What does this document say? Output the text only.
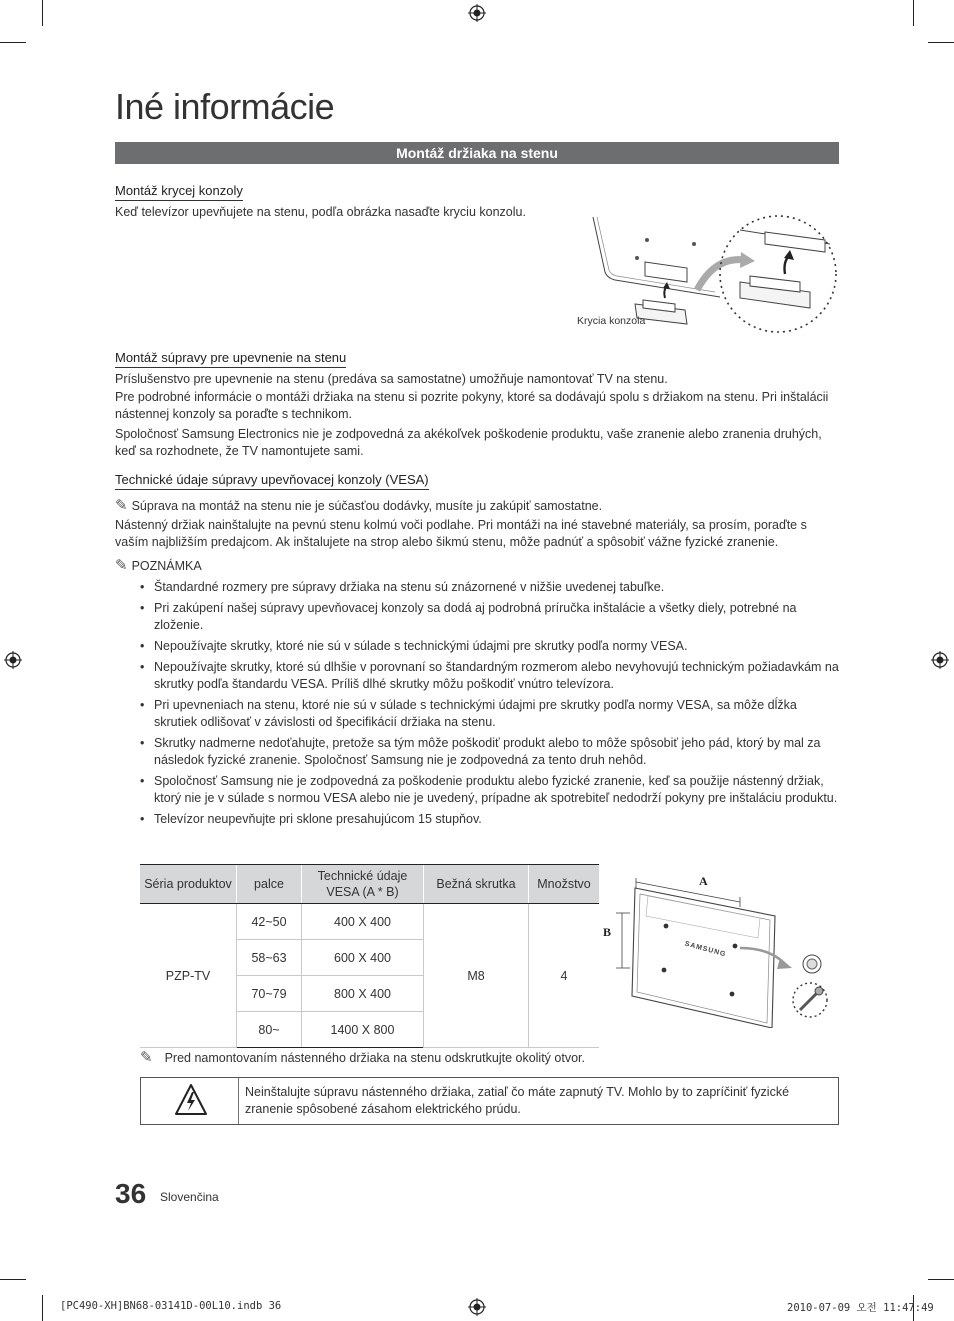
Iné informácie
Montáž držiaka na stenu
Montáž krycej konzoly
Keď televízor upevňujete na stenu, podľa obrázka nasaďte kryciu konzolu.
Krycia konzola
Montáž súpravy pre upevnenie na stenu
Príslušenstvo pre upevnenie na stenu (predáva sa samostatne) umožňuje namontovať TV na stenu.
Pre podrobné informácie o montáži držiaka na stenu si pozrite pokyny, ktoré sa dodávajú spolu s držiakom na stenu. Pri inštalácii nástennej konzoly sa poraďte s technikom.
Spoločnosť Samsung Electronics nie je zodpovedná za akékoľvek poškodenie produktu, vaše zranenie alebo zranenia druhých, keď sa rozhodnete, že TV namontujete sami.
Technické údaje súpravy upevňovacej konzoly (VESA)
✎ Súprava na montáž na stenu nie je súčasťou dodávky, musíte ju zakúpiť samostatne.
Nástenný držiak nainštalujte na pevnú stenu kolmú voči podlahe. Pri montáži na iné stavebné materiály, sa prosím, poraďte s vaším najbližším predajcom. Ak inštalujete na strop alebo šikmú stenu, môže padnúť a spôsobiť vážne fyzické zranenie.
✎ POZNÁMKA
• Štandardné rozmery pre súpravy držiaka na stenu sú znázornené v nižšie uvedenej tabuľke.
• Pri zakúpení našej súpravy upevňovacej konzoly sa dodá aj podrobná príručka inštalácie a všetky diely, potrebné na zloženie.
• Nepoužívajte skrutky, ktoré nie sú v súlade s technickými údajmi pre skrutky podľa normy VESA.
• Nepoužívajte skrutky, ktoré sú dlhšie v porovnaní so štandardným rozmerom alebo nevyhovujú technickým požiadavkám na skrutky podľa štandardu VESA. Príliš dlhé skrutky môžu poškodiť vnútro televízora.
• Pri upevneniach na stenu, ktoré nie sú v súlade s technickými údajmi pre skrutky podľa normy VESA, sa môže dĺžka skrutiek odlišovať v závislosti od špecifikácií držiaka na stenu.
• Skrutky nadmerne nedoťahujte, pretože sa tým môže poškodiť produkt alebo to môže spôsobiť jeho pád, ktorý by mal za následok fyzické zranenie. Spoločnosť Samsung nie je zodpovedná za tento druh nehôd.
• Spoločnosť Samsung nie je zodpovedná za poškodenie produktu alebo fyzické zranenie, keď sa použije nástenný držiak, ktorý nie je v súlade s normou VESA alebo nie je uvedený, prípadne ak spotrebiteľ nedodrží pokyny pre inštaláciu produktu.
• Televízor neupevňujte pri sklone presahujúcom 15 stupňov.
Séria produktov	palce	Technické údaje VESA (A * B)	Bežná skrutka	Množstvo
PZP-TV	42~50	400 X 400	M8	4
	58~63	600 X 400		
	70~79	800 X 400		
	80~	1400 X 800		
A
B
SAMSUNG
✎ Pred namontovaním nástenného držiaka na stenu odskrutkujte okolitý otvor.
Neinštalujte súpravu nástenného držiaka, zatiaľ čo máte zapnutý TV. Mohlo by to zapríčiniť fyzické zranenie spôsobené zásahom elektrického prúdu.
36 Slovenčina
[PC490-XH]BN68-03141D-00L10.indb 36	2010-07-09 오전 11:47:49
